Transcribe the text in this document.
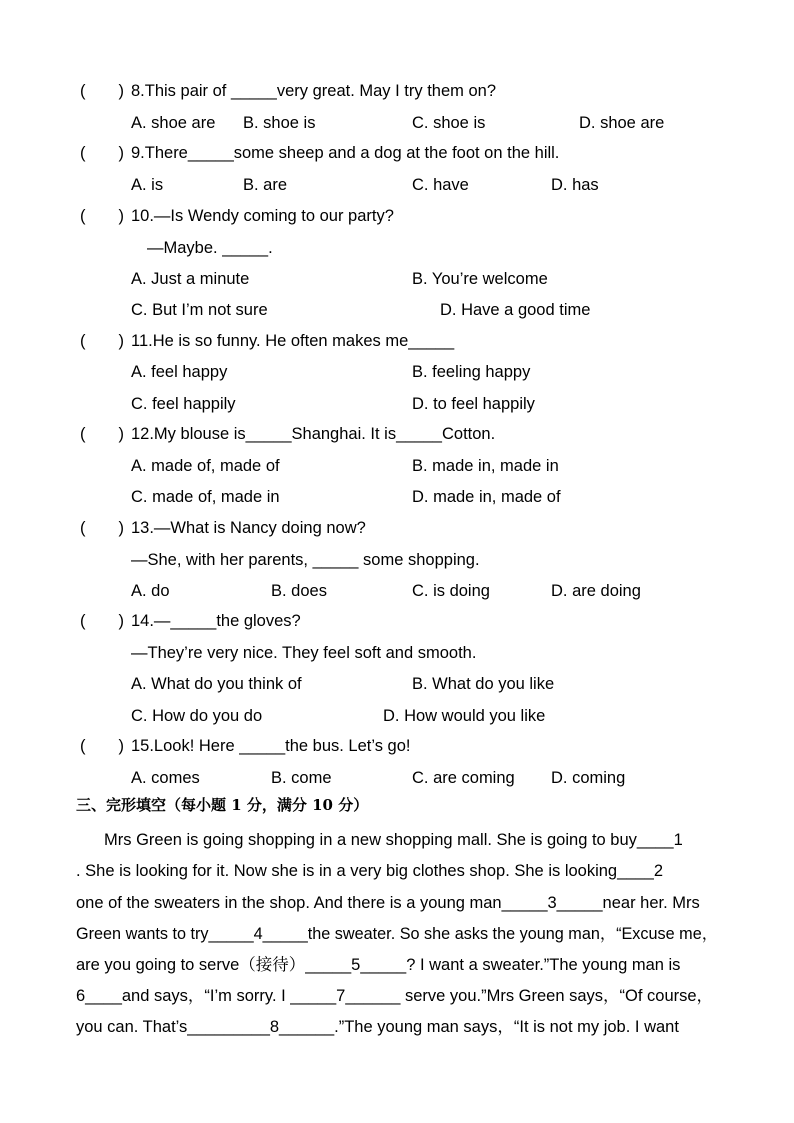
(　　) 8.This pair of _____very great. May I try them on?
A. shoe are B. shoe is	C. shoe is	D. shoe are
(　　) 9.There_____some sheep and a dog at the foot on the hill.
A. is	B. are	C. have	D. has
(　　) 10.—Is Wendy coming to our party?
—Maybe. _____.
A. Just a minute	B. You’re welcome
C. But I’m not sure	D. Have a good time
(　　) 11.He is so funny. He often makes me_____
A. feel happy	B. feeling happy
C. feel happily	D. to feel happily
(　　) 12.My blouse is_____Shanghai. It is_____Cotton.
A. made of, made of	B. made in, made in
C. made of, made in	D. made in, made of
(　　) 13.—What is Nancy doing now?
—She, with her parents, _____ some shopping.
A. do	B. does	C. is doing	D. are doing
(　　) 14.—_____the gloves?
—They’re very nice. They feel soft and smooth.
A. What do you think of	B. What do you like
C. How do you do	D. How would you like
(　　) 15.Look! Here _____the bus. Let’s go!
A. comes	B. come	C. are coming D. coming
三、完形填空（每小题 1 分，满分 10 分）
Mrs Green is going shopping in a new shopping mall. She is going to buy____1
. She is looking for it. Now she is in a very big clothes shop. She is looking____2
one of the sweaters in the shop. And there is a young man_____3_____near her. Mrs
Green wants to try_____4_____the sweater. So she asks the young man，“Excuse me，
are you going to serve（接待）_____5_____? I want a sweater.”The young man is
6____and says，“I’m sorry. I _____7______ serve you.”Mrs Green says，“Of course，
you can. That’s_________8______.”The young man says，“It is not my job. I want
